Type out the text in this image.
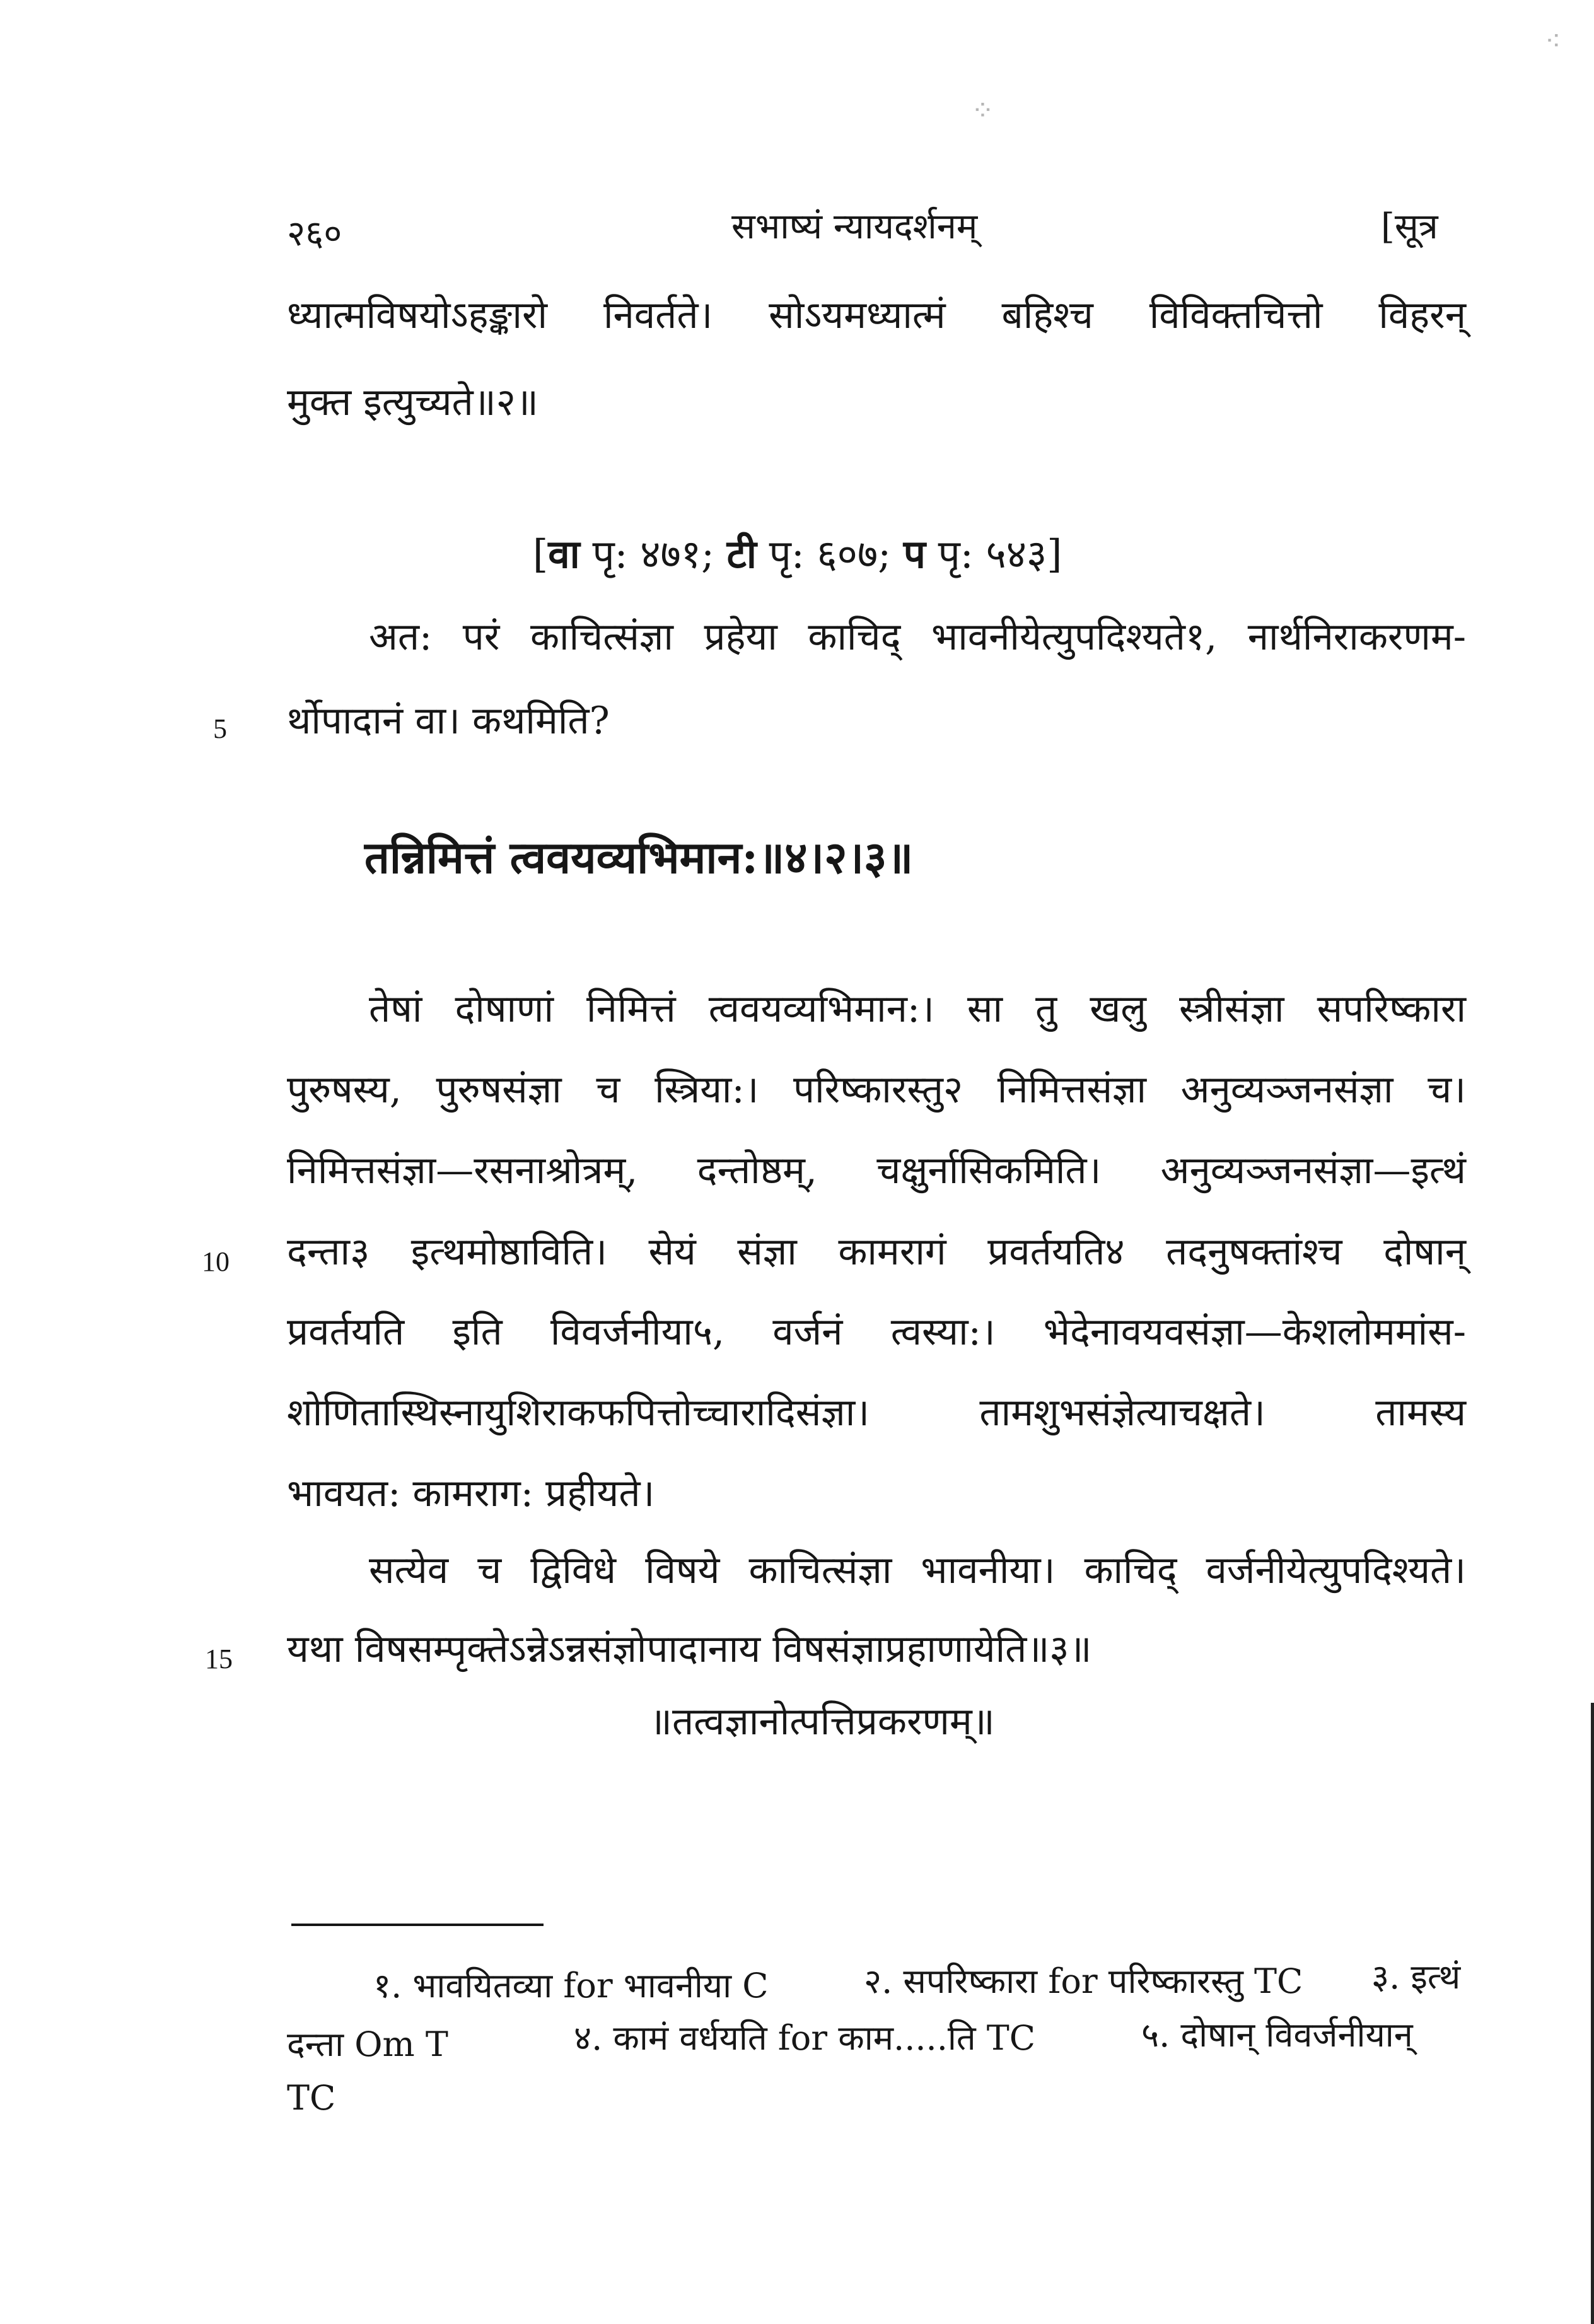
२६०	सभाष्यं न्यायदर्शनम्	[सूत्र
ध्यात्मविषयोऽहङ्कारो निवर्तते। सोऽयमध्यात्मं बहिश्च विविक्तचित्तो विहरन्
मुक्त इत्युच्यते॥२॥
[वा पृ: ४७१; टी पृ: ६०७; प पृ: ५४३]
अत: परं काचित्संज्ञा प्रहेया काचिद् भावनीयेत्युपदिश्यते१, नार्थनिराकरणम-
5 र्थोपादानं वा। कथमिति?
तन्निमित्तं त्ववयव्यभिमान:॥४।२।३॥
तेषां दोषाणां निमित्तं त्ववयव्यभिमान:। सा तु खलु स्त्रीसंज्ञा सपरिष्कारा
पुरुषस्य, पुरुषसंज्ञा च स्त्रिया:। परिष्कारस्तु२ निमित्तसंज्ञा अनुव्यञ्जनसंज्ञा च।
निमित्तसंज्ञा—रसनाश्रोत्रम्, दन्तोष्ठम्, चक्षुर्नासिकमिति। अनुव्यञ्जनसंज्ञा—इत्थं
10 दन्ता३ इत्थमोष्ठाविति। सेयं संज्ञा कामरागं प्रवर्तयति४ तदनुषक्तांश्च दोषान्
प्रवर्तयति इति विवर्जनीया५, वर्जनं त्वस्या:। भेदेनावयवसंज्ञा—केशलोममांस-
शोणितास्थिस्नायुशिराकफपित्तोच्चारादिसंज्ञा। तामशुभसंज्ञेत्याचक्षते। तामस्य
भावयत: कामराग: प्रहीयते।
सत्येव च द्विविधे विषये काचित्संज्ञा भावनीया। काचिद् वर्जनीयेत्युपदिश्यते।
15 यथा विषसम्पृक्तेऽन्नेऽन्नसंज्ञोपादानाय विषसंज्ञाप्रहाणायेति॥३॥
॥तत्वज्ञानोत्पत्तिप्रकरणम्॥
१. भावयितव्या for भावनीया C	२. सपरिष्कारा for परिष्कारस्तु TC ३. इत्थं
दन्ता Om T	४. कामं वर्धयति for काम.....ति TC	५. दोषान् विवर्जनीयान्
TC
⁘
⁖
